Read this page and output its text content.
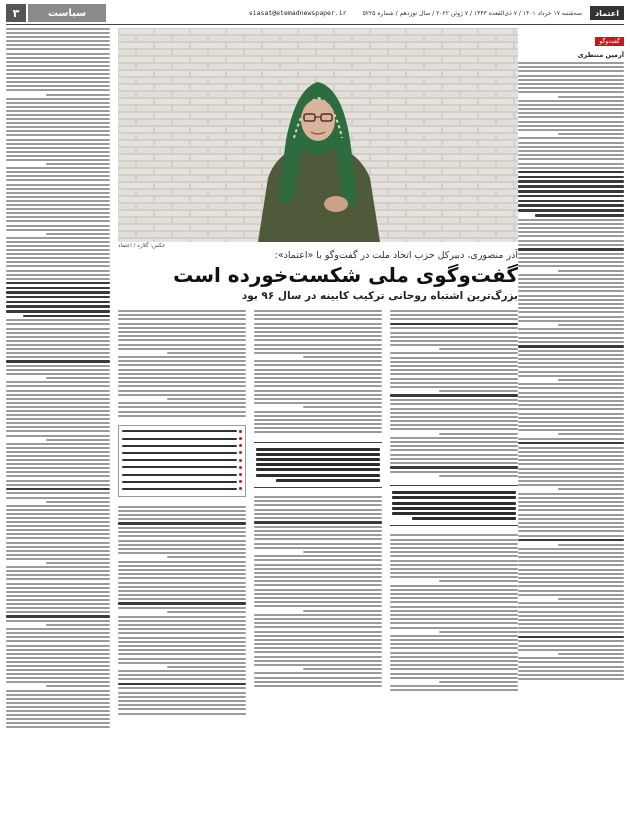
اعتماد
سه‌شنبه ۱۷ خرداد ۱۴۰۱ / ۷ ذی‌القعده ۱۴۴۳ / ۷ ژوئن ۲۰۲۲ / سال نوزدهم / شماره ۵۲۲۵
siasat@etemadnewspaper.ir
سیاست
۳
گفت‌وگو
آرمین منتظری
عکس: گلاره / اعتماد
آذر منصوری، دبیرکل حزب اتحاد ملت در گفت‌وگو با «اعتماد»:
گفت‌وگوی ملی شکست‌خورده است
بزرگ‌ترین اشتباه روحانی ترکیب کابینه در سال ۹۶ بود
